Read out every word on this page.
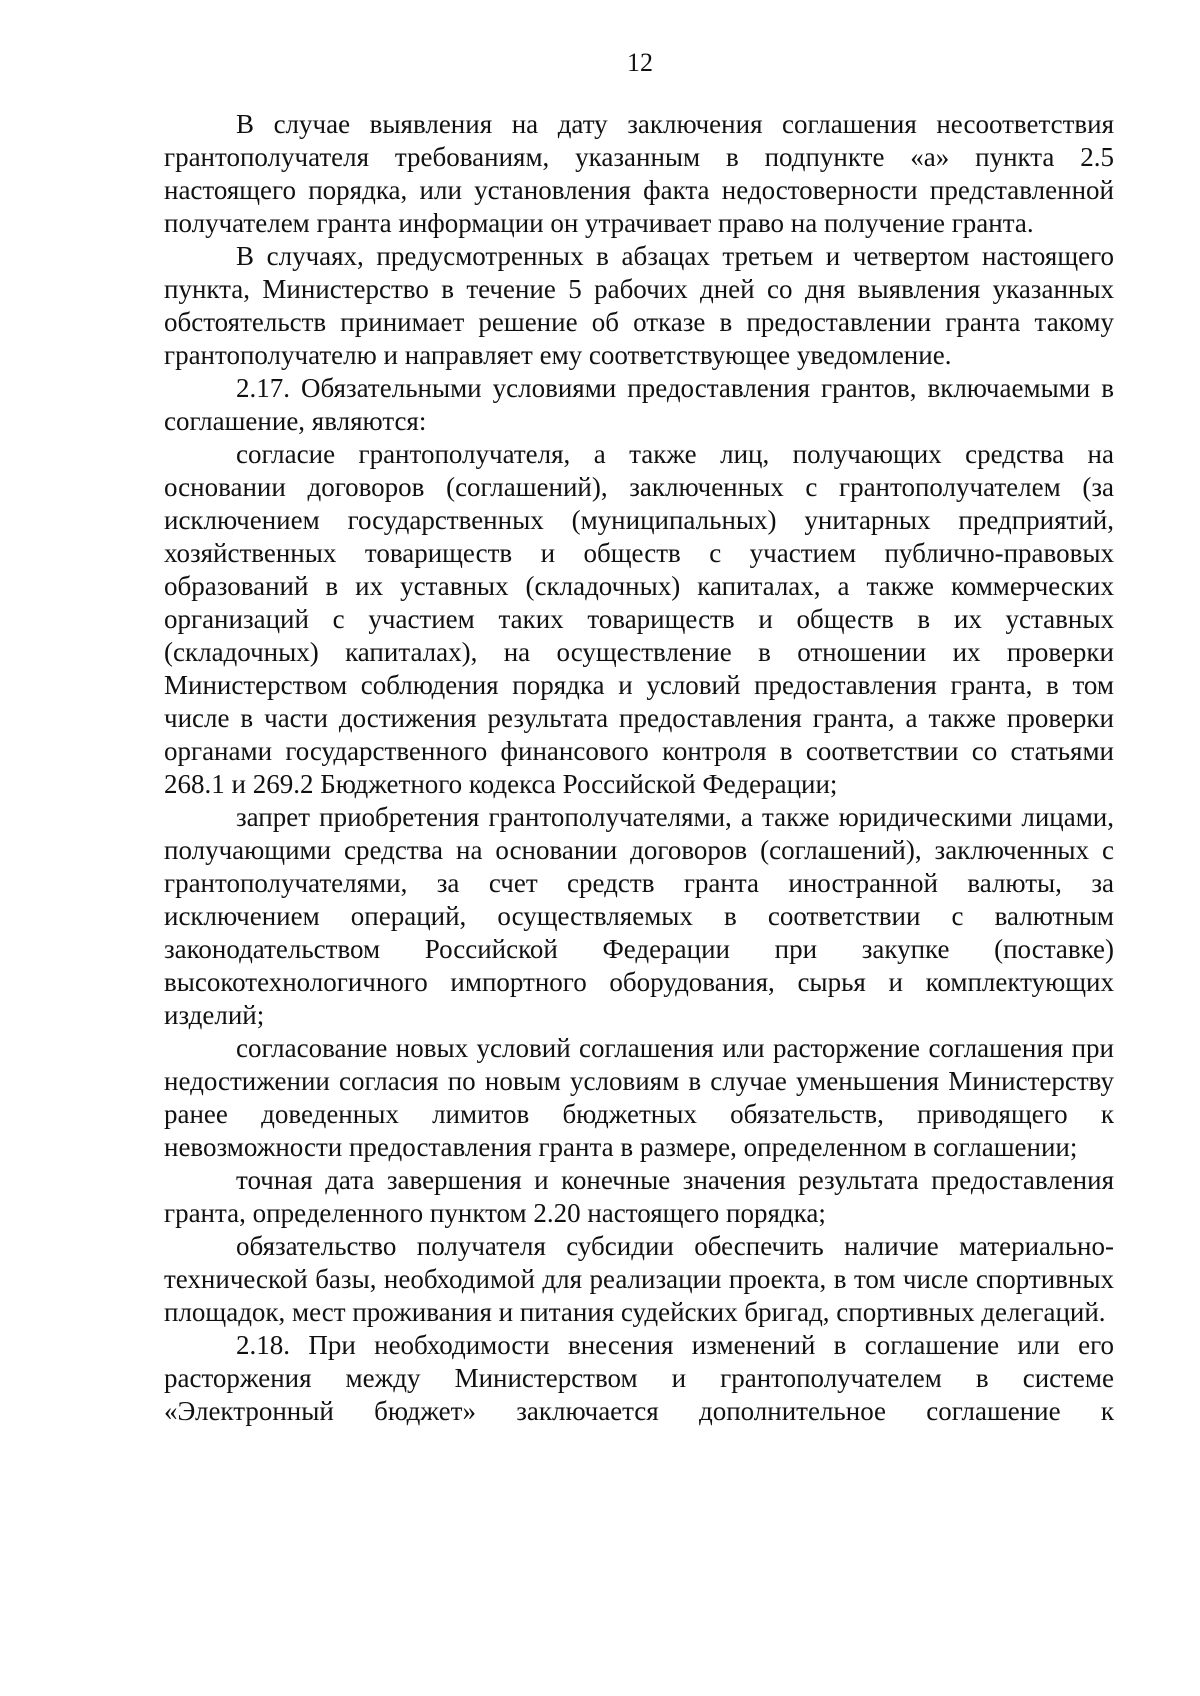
12

В случае выявления на дату заключения соглашения несоответствия грантополучателя требованиям, указанным в подпункте «а» пункта 2.5 настоящего порядка, или установления факта недостоверности представленной получателем гранта информации он утрачивает право на получение гранта.

В случаях, предусмотренных в абзацах третьем и четвертом настоящего пункта, Министерство в течение 5 рабочих дней со дня выявления указанных обстоятельств принимает решение об отказе в предоставлении гранта такому грантополучателю и направляет ему соответствующее уведомление.

2.17. Обязательными условиями предоставления грантов, включаемыми в соглашение, являются:

согласие грантополучателя, а также лиц, получающих средства на основании договоров (соглашений), заключенных с грантополучателем (за исключением государственных (муниципальных) унитарных предприятий, хозяйственных товариществ и обществ с участием публично-правовых образований в их уставных (складочных) капиталах, а также коммерческих организаций с участием таких товариществ и обществ в их уставных (складочных) капиталах), на осуществление в отношении их проверки Министерством соблюдения порядка и условий предоставления гранта, в том числе в части достижения результата предоставления гранта, а также проверки органами государственного финансового контроля в соответствии со статьями 268.1 и 269.2 Бюджетного кодекса Российской Федерации;

запрет приобретения грантополучателями, а также юридическими лицами, получающими средства на основании договоров (соглашений), заключенных с грантополучателями, за счет средств гранта иностранной валюты, за исключением операций, осуществляемых в соответствии с валютным законодательством Российской Федерации при закупке (поставке) высокотехнологичного импортного оборудования, сырья и комплектующих изделий;

согласование новых условий соглашения или расторжение соглашения при недостижении согласия по новым условиям в случае уменьшения Министерству ранее доведенных лимитов бюджетных обязательств, приводящего к невозможности предоставления гранта в размере, определенном в соглашении;

точная дата завершения и конечные значения результата предоставления гранта, определенного пунктом 2.20 настоящего порядка;

обязательство получателя субсидии обеспечить наличие материально-технической базы, необходимой для реализации проекта, в том числе спортивных площадок, мест проживания и питания судейских бригад, спортивных делегаций.

2.18. При необходимости внесения изменений в соглашение или его расторжения между Министерством и грантополучателем в системе «Электронный бюджет» заключается дополнительное соглашение к
